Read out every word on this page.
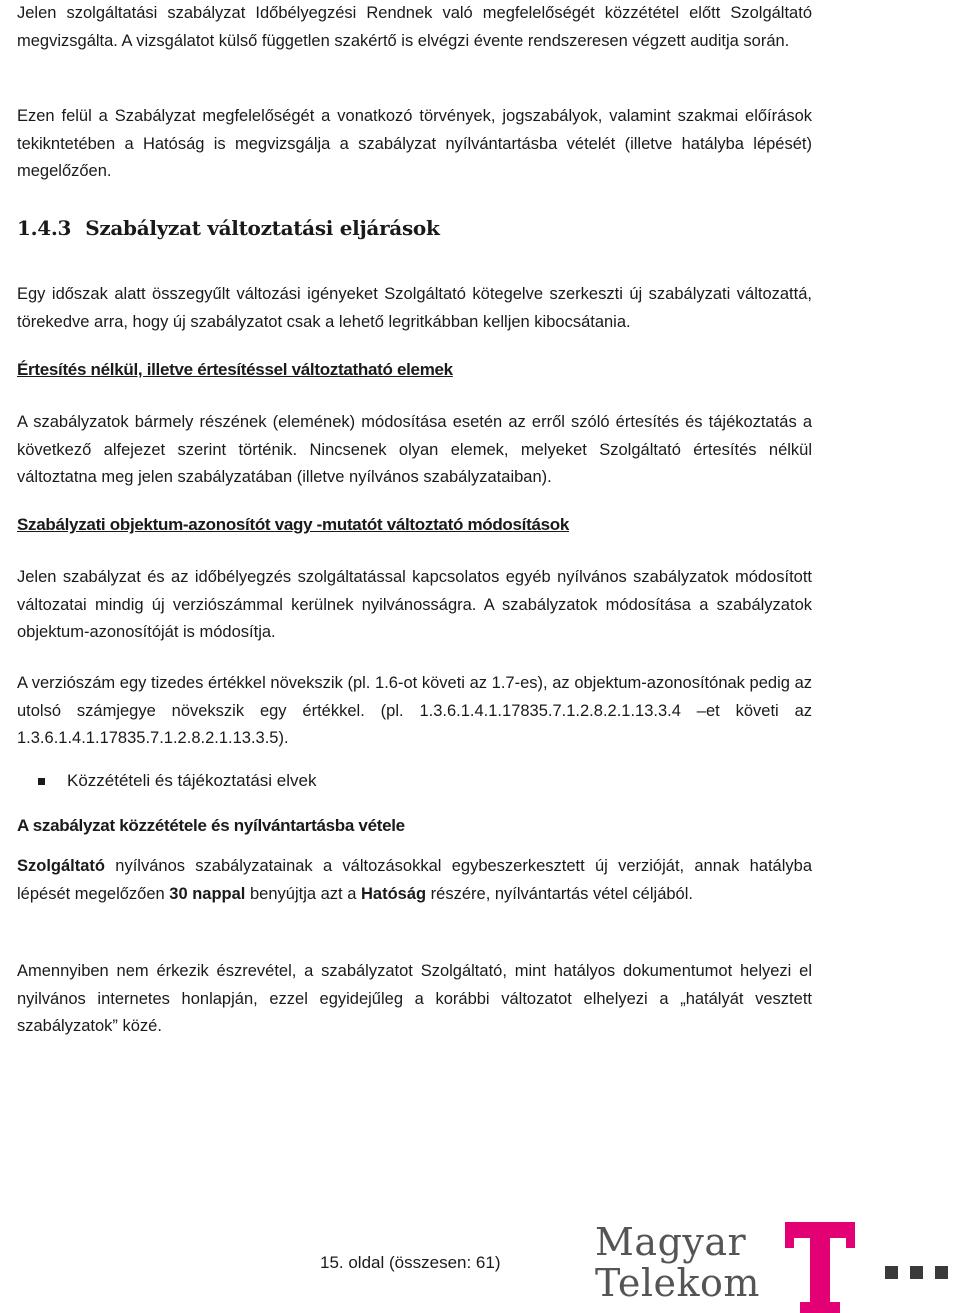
Jelen szolgáltatási szabályzat Időbélyegzési Rendnek való megfelelőségét közzététel előtt Szolgáltató megvizsgálta. A vizsgálatot külső független szakértő is elvégzi évente rendszeresen végzett auditja során.

Ezen felül a Szabályzat megfelelőségét a vonatkozó törvények, jogszabályok, valamint szakmai előírások tekikntetében a Hatóság is megvizsgálja a szabályzat nyílvántartásba vételét (illetve hatályba lépését) megelőzően.

1.4.3 Szabályzat változtatási eljárások

Egy időszak alatt összegyűlt változási igényeket Szolgáltató kötegelve szerkeszti új szabályzati változattá, törekedve arra, hogy új szabályzatot csak a lehető legritkábban kelljen kibocsátania.

Értesítés nélkül, illetve értesítéssel változtatható elemek

A szabályzatok bármely részének (elemének) módosítása esetén az erről szóló értesítés és tájékoztatás a következő alfejezet szerint történik. Nincsenek olyan elemek, melyeket Szolgáltató értesítés nélkül változtatna meg jelen szabályzatában (illetve nyílvános szabályzataiban).

Szabályzati objektum-azonosítót vagy -mutatót változtató módosítások

Jelen szabályzat és az időbélyegzés szolgáltatással kapcsolatos egyéb nyílvános szabályzatok módosított változatai mindig új verziószámmal kerülnek nyilvánosságra. A szabályzatok módosítása a szabályzatok objektum-azonosítóját is módosítja.

A verziószám egy tizedes értékkel növekszik (pl. 1.6-ot követi az 1.7-es), az objektum-azonosítónak pedig az utolsó számjegye növekszik egy értékkel. (pl. 1.3.6.1.4.1.17835.7.1.2.8.2.1.13.3.4 –et követi az 1.3.6.1.4.1.17835.7.1.2.8.2.1.13.3.5).

Közzétételi és tájékoztatási elvek

A szabályzat közzététele és nyílvántartásba vétele

Szolgáltató nyílvános szabályzatainak a változásokkal egybeszerkesztett új verzióját, annak hatályba lépését megelőzően 30 nappal benyújtja azt a Hatóság részére, nyílvántartás vétel céljából.

Amennyiben nem érkezik észrevétel, a szabályzatot Szolgáltató, mint hatályos dokumentumot helyezi el nyilvános internetes honlapján, ezzel egyidejűleg a korábbi változatot elhelyezi a „hatályát vesztett szabályzatok” közé.

15. oldal (összesen: 61) Magyar
Telekom
